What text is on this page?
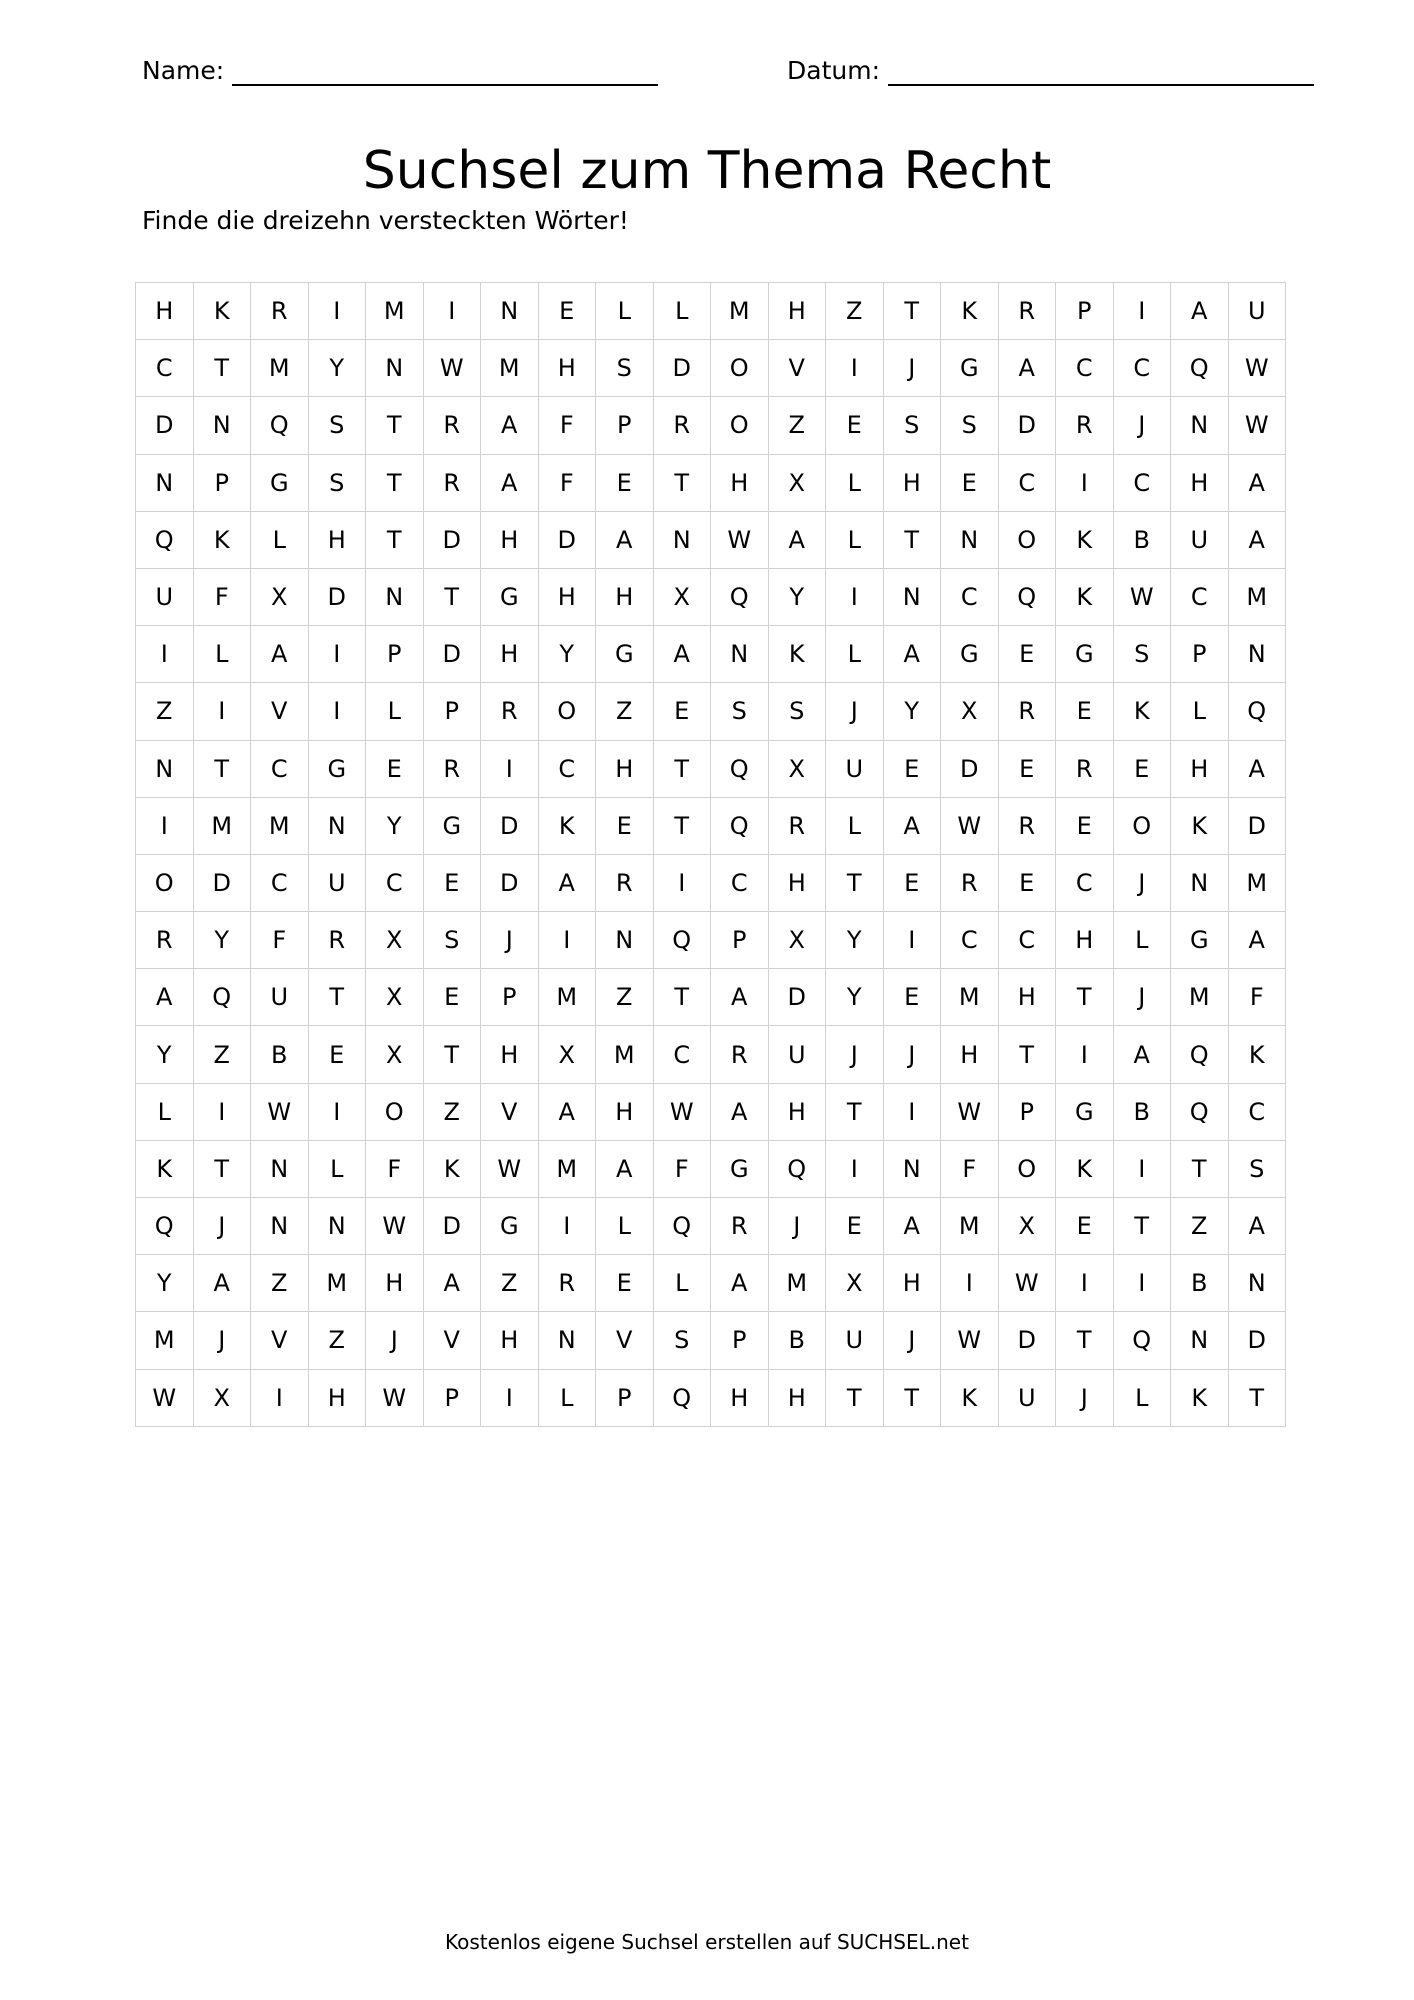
Name:	Datum:
Suchsel zum Thema Recht
Finde die dreizehn versteckten Wörter!
H	K	R	I	M	I	N	E	L	L	M	H	Z	T	K	R	P	I	A	U
C	T	M	Y	N	W	M	H	S	D	O	V	I	J	G	A	C	C	Q	W
D	N	Q	S	T	R	A	F	P	R	O	Z	E	S	S	D	R	J	N	W
N	P	G	S	T	R	A	F	E	T	H	X	L	H	E	C	I	C	H	A
Q	K	L	H	T	D	H	D	A	N	W	A	L	T	N	O	K	B	U	A
U	F	X	D	N	T	G	H	H	X	Q	Y	I	N	C	Q	K	W	C	M
I	L	A	I	P	D	H	Y	G	A	N	K	L	A	G	E	G	S	P	N
Z	I	V	I	L	P	R	O	Z	E	S	S	J	Y	X	R	E	K	L	Q
N	T	C	G	E	R	I	C	H	T	Q	X	U	E	D	E	R	E	H	A
I	M	M	N	Y	G	D	K	E	T	Q	R	L	A	W	R	E	O	K	D
O	D	C	U	C	E	D	A	R	I	C	H	T	E	R	E	C	J	N	M
R	Y	F	R	X	S	J	I	N	Q	P	X	Y	I	C	C	H	L	G	A
A	Q	U	T	X	E	P	M	Z	T	A	D	Y	E	M	H	T	J	M	F
Y	Z	B	E	X	T	H	X	M	C	R	U	J	J	H	T	I	A	Q	K
L	I	W	I	O	Z	V	A	H	W	A	H	T	I	W	P	G	B	Q	C
K	T	N	L	F	K	W	M	A	F	G	Q	I	N	F	O	K	I	T	S
Q	J	N	N	W	D	G	I	L	Q	R	J	E	A	M	X	E	T	Z	A
Y	A	Z	M	H	A	Z	R	E	L	A	M	X	H	I	W	I	I	B	N
M	J	V	Z	J	V	H	N	V	S	P	B	U	J	W	D	T	Q	N	D
W	X	I	H	W	P	I	L	P	Q	H	H	T	T	K	U	J	L	K	T
Kostenlos eigene Suchsel erstellen auf SUCHSEL.net
